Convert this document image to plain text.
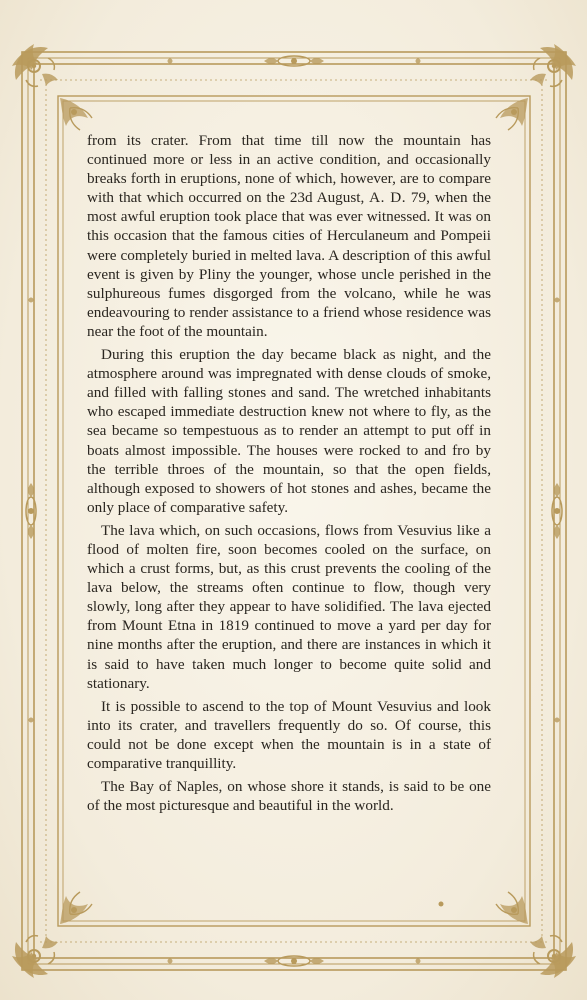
from its crater. From that time till now the mountain has continued more or less in an active condition, and occasionally breaks forth in eruptions, none of which, however, are to compare with that which occurred on the 23d August, A. D. 79, when the most awful eruption took place that was ever witnessed. It was on this occasion that the famous cities of Herculaneum and Pompeii were completely buried in melted lava. A description of this awful event is given by Pliny the younger, whose uncle perished in the sulphureous fumes disgorged from the volcano, while he was endeavouring to render assistance to a friend whose residence was near the foot of the mountain.

During this eruption the day became black as night, and the atmosphere around was impregnated with dense clouds of smoke, and filled with falling stones and sand. The wretched inhabitants who escaped immediate destruction knew not where to fly, as the sea became so tempestuous as to render an attempt to put off in boats almost impossible. The houses were rocked to and fro by the terrible throes of the mountain, so that the open fields, although exposed to showers of hot stones and ashes, became the only place of comparative safety.

The lava which, on such occasions, flows from Vesuvius like a flood of molten fire, soon becomes cooled on the surface, on which a crust forms, but, as this crust prevents the cooling of the lava below, the streams often continue to flow, though very slowly, long after they appear to have solidified. The lava ejected from Mount Etna in 1819 continued to move a yard per day for nine months after the eruption, and there are instances in which it is said to have taken much longer to become quite solid and stationary.

It is possible to ascend to the top of Mount Vesuvius and look into its crater, and travellers frequently do so. Of course, this could not be done except when the mountain is in a state of comparative tranquillity.

The Bay of Naples, on whose shore it stands, is said to be one of the most picturesque and beautiful in the world.
